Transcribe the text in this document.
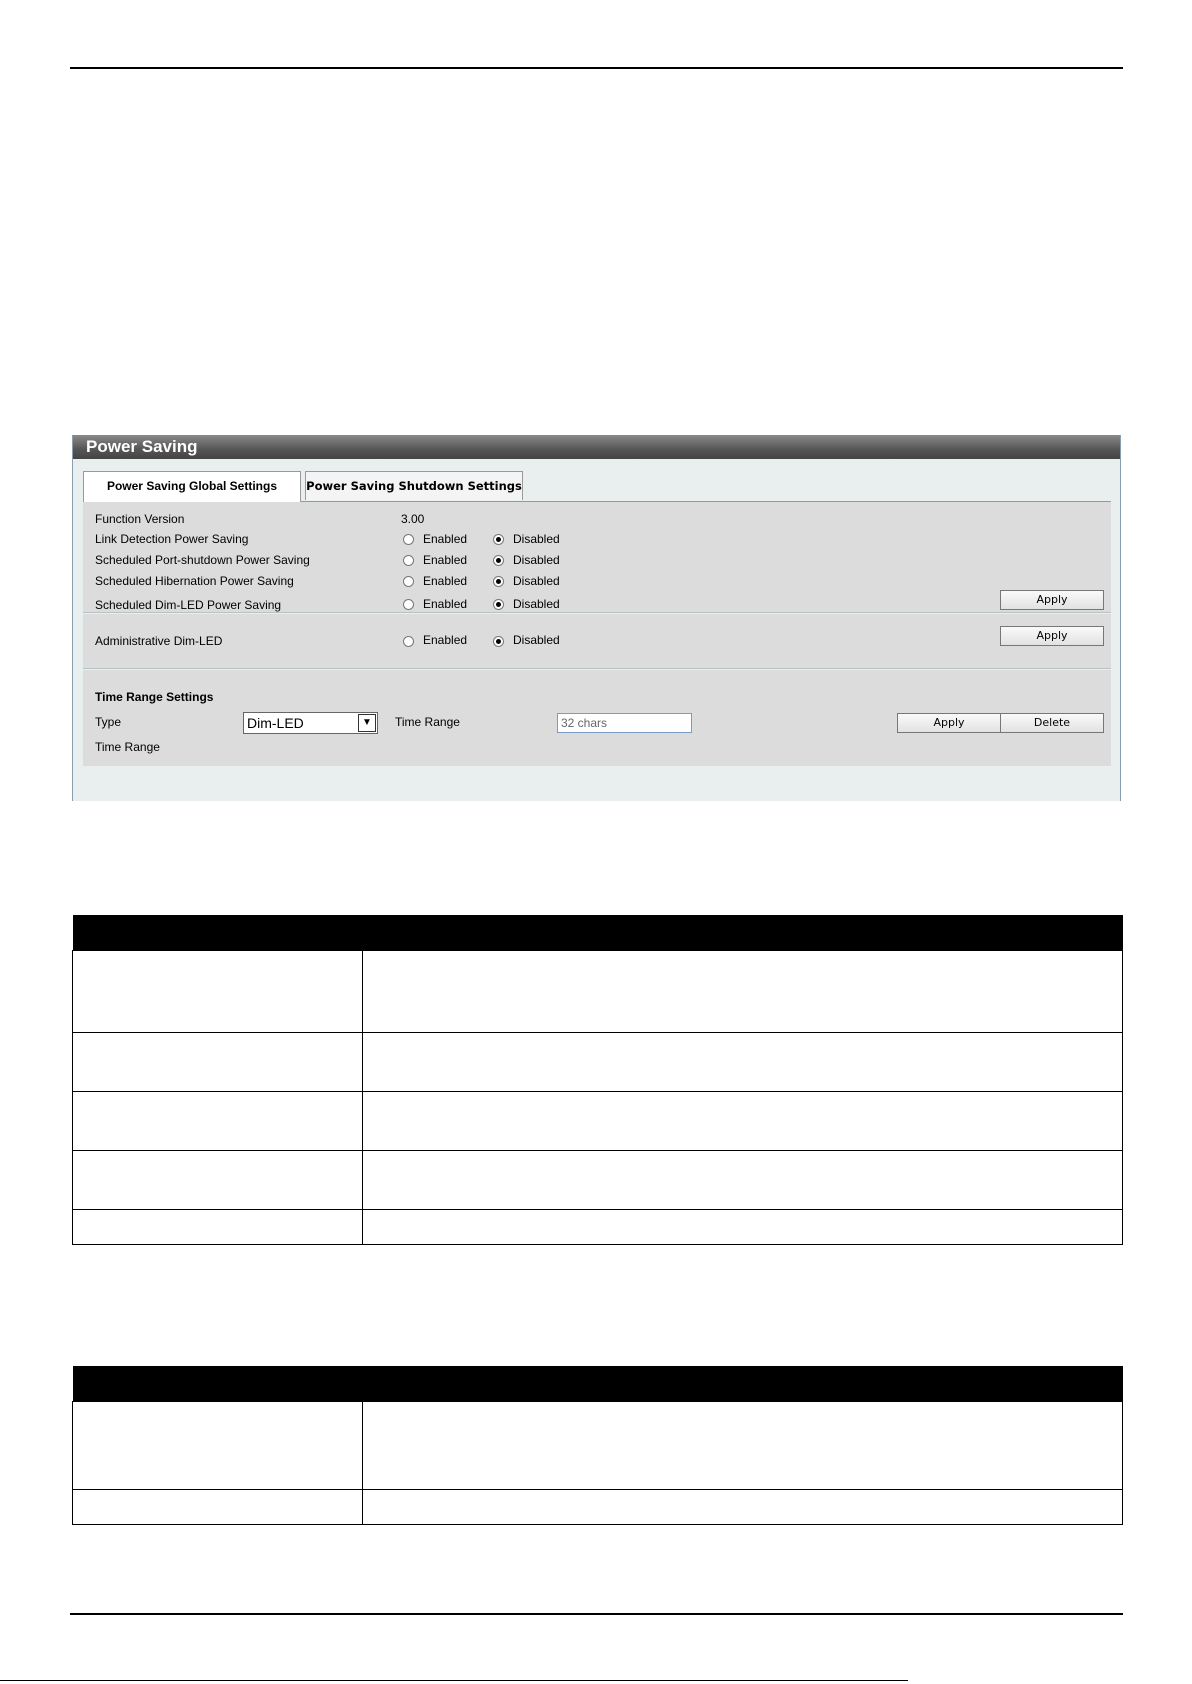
Power Saving
Power Saving Global Settings	Power Saving Shutdown Settings
Function Version	3.00
Link Detection Power Saving	Enabled	Disabled
Scheduled Port-shutdown Power Saving	Enabled	Disabled
Scheduled Hibernation Power Saving	Enabled	Disabled
Scheduled Dim-LED Power Saving	Enabled	Disabled	Apply
Administrative Dim-LED	Enabled	Disabled	Apply
Time Range Settings
Type	Dim-LED	▼	Time Range	32 chars	Apply	Delete
Time Range
